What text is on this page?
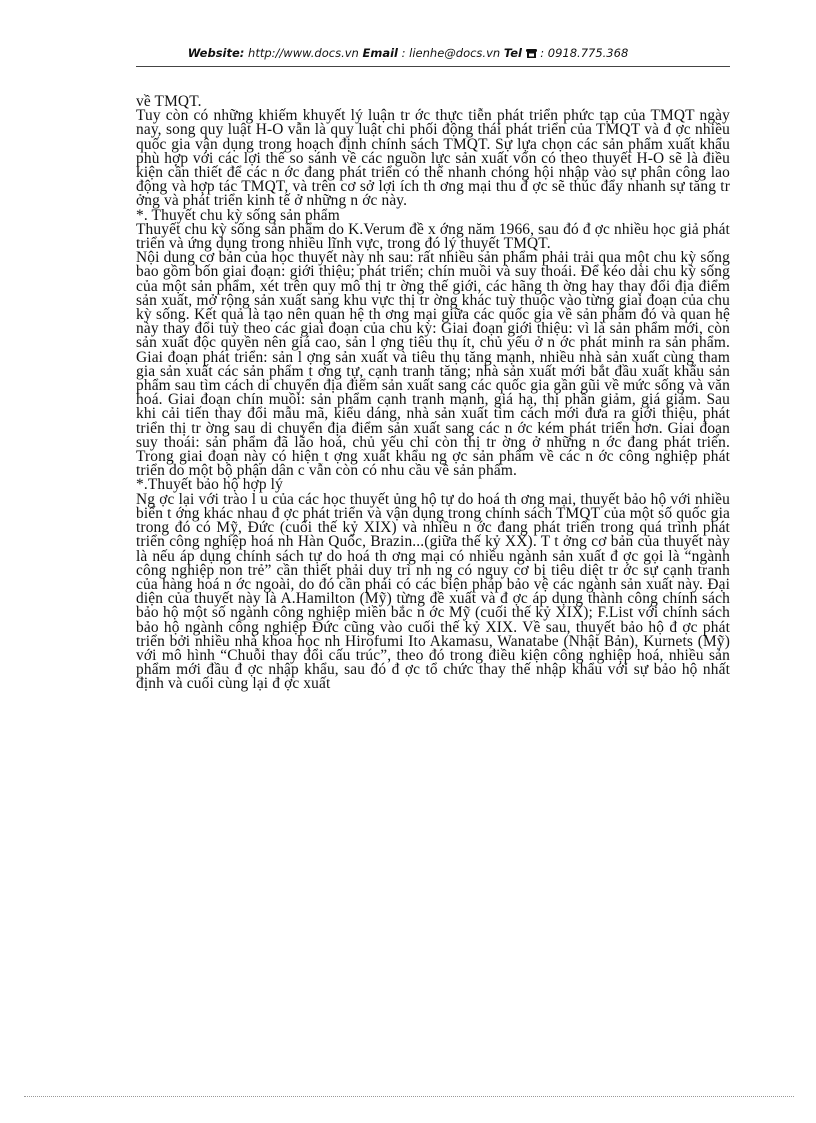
Website: http://www.docs.vn Email : lienhe@docs.vn Tel  : 0918.775.368

về TMQT.

Tuy còn có những khiếm khuyết lý luận tr ớc thực tiễn phát triển phức tạp của TMQT ngày nay, song quy luật H-O vẫn là quy luật chi phối động thái phát triển của TMQT và đ ợc nhiều quốc gia vận dụng trong hoạch định chính sách TMQT. Sự lựa chọn các sản phẩm xuất khẩu phù hợp với các lợi thế so sánh về các nguồn lực sản xuất vốn có theo thuyết H-O sẽ là điều kiện cần thiết để các n ớc đang phát triển có thể nhanh chóng hội nhập vào sự phân công lao động và hợp tác TMQT, và trên cơ sở lợi ích th ơng mại thu đ ợc sẽ thúc đẩy nhanh sự tăng tr ởng và phát triển kinh tế ở những n ớc này.

*. Thuyết chu kỳ sống sản phẩm

Thuyết chu kỳ sống sản phẩm do K.Verum đề x ớng năm 1966, sau đó đ ợc nhiều học giả phát triển và ứng dụng trong nhiều lĩnh vực, trong đó lý thuyết TMQT.

Nội dung cơ bản của học thuyết này nh sau: rất nhiều sản phẩm phải trải qua một chu kỳ sống bao gồm bốn giai đoạn: giới thiệu; phát triển; chín muồi và suy thoái. Để kéo dài chu kỳ sống của một sản phẩm, xét trên quy mô thị tr ờng thế giới, các hãng th ờng hay thay đổi địa điểm sản xuất, mở rộng sản xuất sang khu vực thị tr ờng khác tuỳ thuộc vào từng giai đoạn của chu kỳ sống. Kết quả là tạo nên quan hệ th ơng mại giữa các quốc gia về sản phẩm đó và quan hệ này thay đổi tuỳ theo các giai đoạn của chu kỳ: Giai đoạn giới thiệu: vì là sản phẩm mới, còn sản xuất độc quyền nên giá cao, sản l ợng tiêu thụ ít, chủ yếu ở n ớc phát minh ra sản phẩm. Giai đoạn phát triển: sản l ợng sản xuất và tiêu thụ tăng mạnh, nhiều nhà sản xuất cùng tham gia sản xuất các sản phẩm t ơng tự, cạnh tranh tăng; nhà sản xuất mới bắt đầu xuất khẩu sản phẩm sau tìm cách di chuyển địa điểm sản xuất sang các quốc gia gần gũi về mức sống và văn hoá. Giai đoạn chín muồi: sản phẩm cạnh tranh mạnh, giá hạ, thị phần giảm, giá giảm. Sau khi cải tiến thay đổi mẫu mã, kiểu dáng, nhà sản xuất tìm cách mới đưa ra giới thiệu, phát triển thị tr ờng sau di chuyển địa điểm sản xuất sang các n ớc kém phát triển hơn. Giai đoạn suy thoái: sản phẩm đã lão hoá, chủ yếu chỉ còn thị tr ờng ở những n ớc đang phát triển. Trong giai đoạn này có hiện t ợng xuất khẩu ng ợc sản phẩm về các n ớc công nghiệp phát triển do một bộ phận dân c vẫn còn có nhu cầu về sản phẩm.

*.Thuyết bảo hộ hợp lý

Ng ợc lại với trào l u của các học thuyết ủng hộ tự do hoá th ơng mại, thuyết bảo hộ với nhiều biến t ớng khác nhau đ ợc phát triển và vận dụng trong chính sách TMQT của một số quốc gia trong đó có Mỹ, Đức (cuối thế kỷ XIX) và nhiều n ớc đang phát triển trong quá trình phát triển công nghiệp hoá nh Hàn Quốc, Brazin...(giữa thế kỷ XX). T t ởng cơ bản của thuyết này là nếu áp dụng chính sách tự do hoá th ơng mại có nhiều ngành sản xuất đ ợc gọi là “ngành công nghiệp non trẻ” cần thiết phải duy trì nh ng có nguy cơ bị tiêu diệt tr ớc sự cạnh tranh của hàng hoá n ớc ngoài, do đó cần phải có các biện pháp bảo vệ các ngành sản xuất này. Đại diện của thuyết này là A.Hamilton (Mỹ) từng đề xuất và đ ợc áp dụng thành công chính sách bảo hộ một số ngành công nghiệp miền bắc n ớc Mỹ (cuối thế kỷ XIX); F.List với chính sách bảo hộ ngành công nghiệp Đức cũng vào cuối thế kỷ XIX. Về sau, thuyết bảo hộ đ ợc phát triển bởi nhiều nhà khoa học nh Hirofumi Ito Akamasu, Wanatabe (Nhật Bản), Kurnets (Mỹ) với mô hình “Chuỗi thay đổi cấu trúc”, theo đó trong điều kiện công nghiệp hoá, nhiều sản phẩm mới đầu đ ợc nhập khẩu, sau đó đ ợc tổ chức thay thế nhập khẩu với sự bảo hộ nhất định và cuối cùng lại đ ợc xuất
